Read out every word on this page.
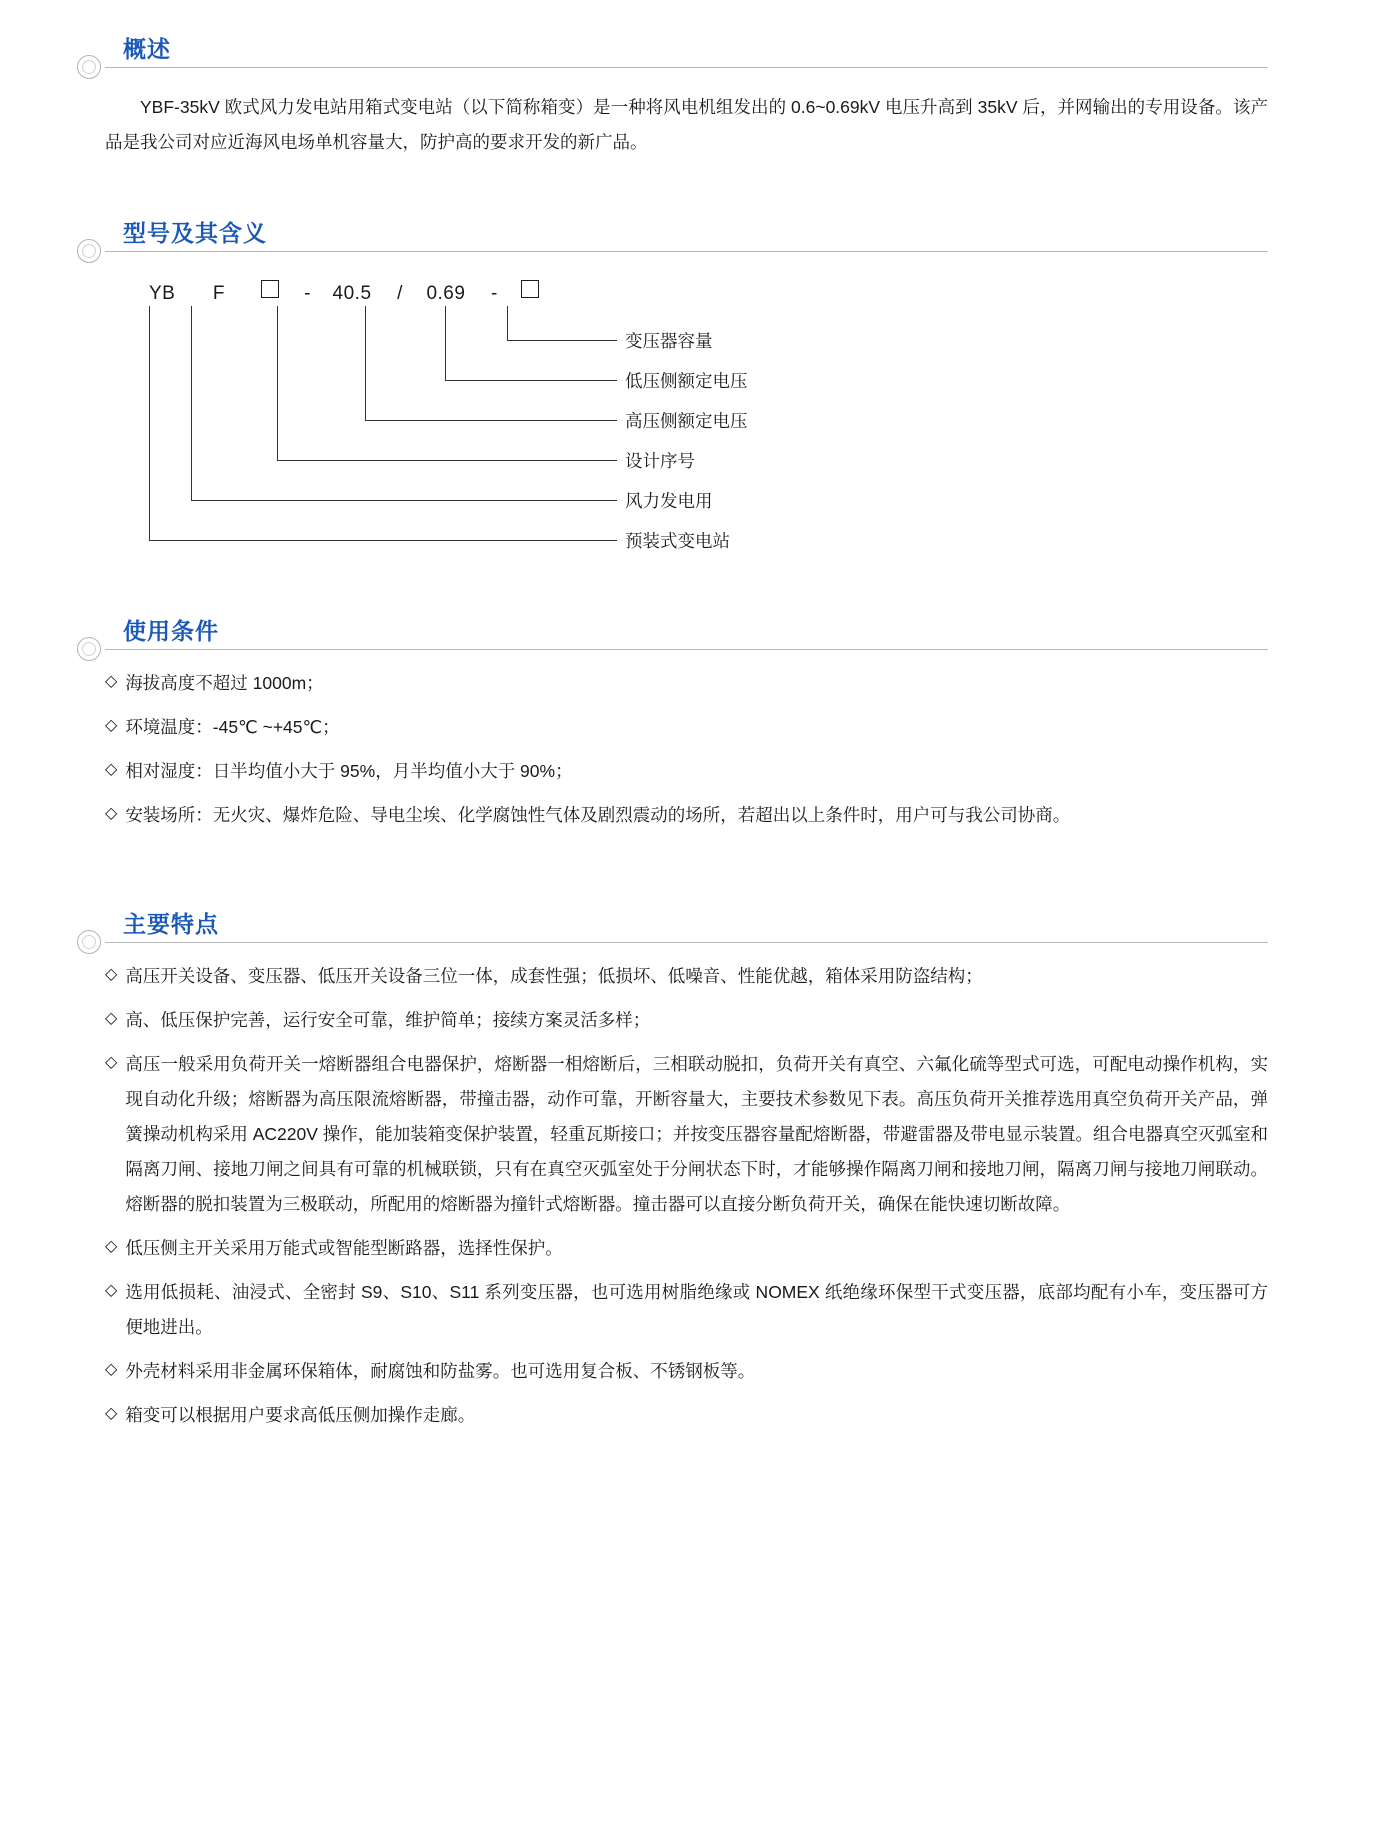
概述
YBF-35kV 欧式风力发电站用箱式变电站（以下简称箱变）是一种将风电机组发出的 0.6~0.69kV 电压升高到 35kV 后，并网输出的专用设备。该产品是我公司对应近海风电场单机容量大，防护高的要求开发的新广品。
型号及其含义
YB F	- 40.5 / 0.69 -
变压器容量
低压侧额定电压
高压侧额定电压
设计序号
风力发电用
预装式变电站
使用条件
◇ 海拔高度不超过 1000m；
◇ 环境温度：-45℃ ~+45℃；
◇ 相对湿度：日半均值小大于 95%，月半均值小大于 90%；
◇ 安装场所：无火灾、爆炸危险、导电尘埃、化学腐蚀性气体及剧烈震动的场所，若超出以上条件时，用户可与我公司协商。
主要特点
◇ 高压开关设备、变压器、低压开关设备三位一体，成套性强；低损坏、低噪音、性能优越，箱体采用防盗结构；
◇ 高、低压保护完善，运行安全可靠，维护简单；接续方案灵活多样；
◇ 高压一般采用负荷开关一熔断器组合电器保护，熔断器一相熔断后，三相联动脱扣，负荷开关有真空、六氟化硫等型式可选，可配电动操作机构，实现自动化升级；熔断器为高压限流熔断器，带撞击器，动作可靠，开断容量大，主要技术参数见下表。高压负荷开关推荐选用真空负荷开关产品，弹簧操动机构采用 AC220V 操作，能加装箱变保护装置，轻重瓦斯接口；并按变压器容量配熔断器，带避雷器及带电显示装置。组合电器真空灭弧室和隔离刀闸、接地刀闸之间具有可靠的机械联锁，只有在真空灭弧室处于分闸状态下时，才能够操作隔离刀闸和接地刀闸，隔离刀闸与接地刀闸联动。熔断器的脱扣装置为三极联动，所配用的熔断器为撞针式熔断器。撞击器可以直接分断负荷开关，确保在能快速切断故障。
◇ 低压侧主开关采用万能式或智能型断路器，选择性保护。
◇ 选用低损耗、油浸式、全密封 S9、S10、S11 系列变压器，也可选用树脂绝缘或 NOMEX 纸绝缘环保型干式变压器，底部均配有小车，变压器可方便地进出。
◇ 外壳材料采用非金属环保箱体，耐腐蚀和防盐雾。也可选用复合板、不锈钢板等。
◇ 箱变可以根据用户要求高低压侧加操作走廊。
